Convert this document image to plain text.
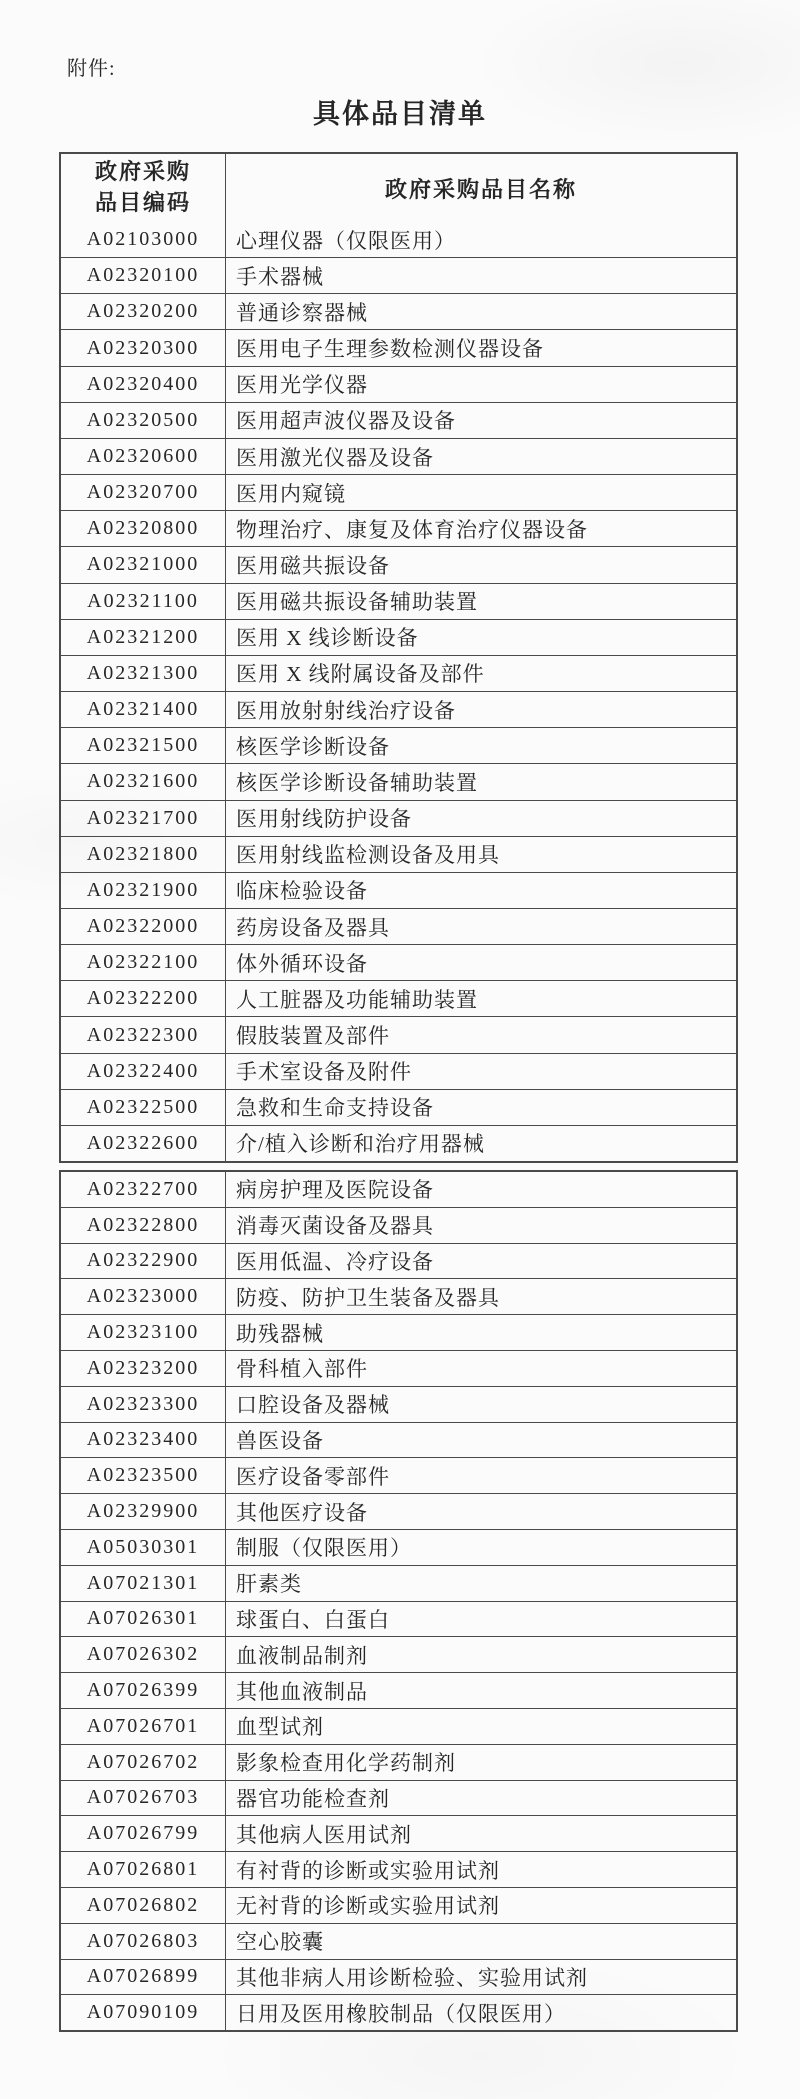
附件:
具体品目清单
政府采购
品目编码
政府采购品目名称
A02103000 心理仪器（仅限医用）
A02320100 手术器械
A02320200 普通诊察器械
A02320300 医用电子生理参数检测仪器设备
A02320400 医用光学仪器
A02320500 医用超声波仪器及设备
A02320600 医用激光仪器及设备
A02320700 医用内窥镜
A02320800 物理治疗、康复及体育治疗仪器设备
A02321000 医用磁共振设备
A02321100 医用磁共振设备辅助装置
A02321200 医用 X 线诊断设备
A02321300 医用 X 线附属设备及部件
A02321400 医用放射射线治疗设备
A02321500 核医学诊断设备
A02321600 核医学诊断设备辅助装置
A02321700 医用射线防护设备
A02321800 医用射线监检测设备及用具
A02321900 临床检验设备
A02322000 药房设备及器具
A02322100 体外循环设备
A02322200 人工脏器及功能辅助装置
A02322300 假肢装置及部件
A02322400 手术室设备及附件
A02322500 急救和生命支持设备
A02322600 介/植入诊断和治疗用器械
A02322700 病房护理及医院设备
A02322800 消毒灭菌设备及器具
A02322900 医用低温、冷疗设备
A02323000 防疫、防护卫生装备及器具
A02323100 助残器械
A02323200 骨科植入部件
A02323300 口腔设备及器械
A02323400 兽医设备
A02323500 医疗设备零部件
A02329900 其他医疗设备
A05030301 制服（仅限医用）
A07021301 肝素类
A07026301 球蛋白、白蛋白
A07026302 血液制品制剂
A07026399 其他血液制品
A07026701 血型试剂
A07026702 影象检查用化学药制剂
A07026703 器官功能检查剂
A07026799 其他病人医用试剂
A07026801 有衬背的诊断或实验用试剂
A07026802 无衬背的诊断或实验用试剂
A07026803 空心胶囊
A07026899 其他非病人用诊断检验、实验用试剂
A07090109 日用及医用橡胶制品（仅限医用）
